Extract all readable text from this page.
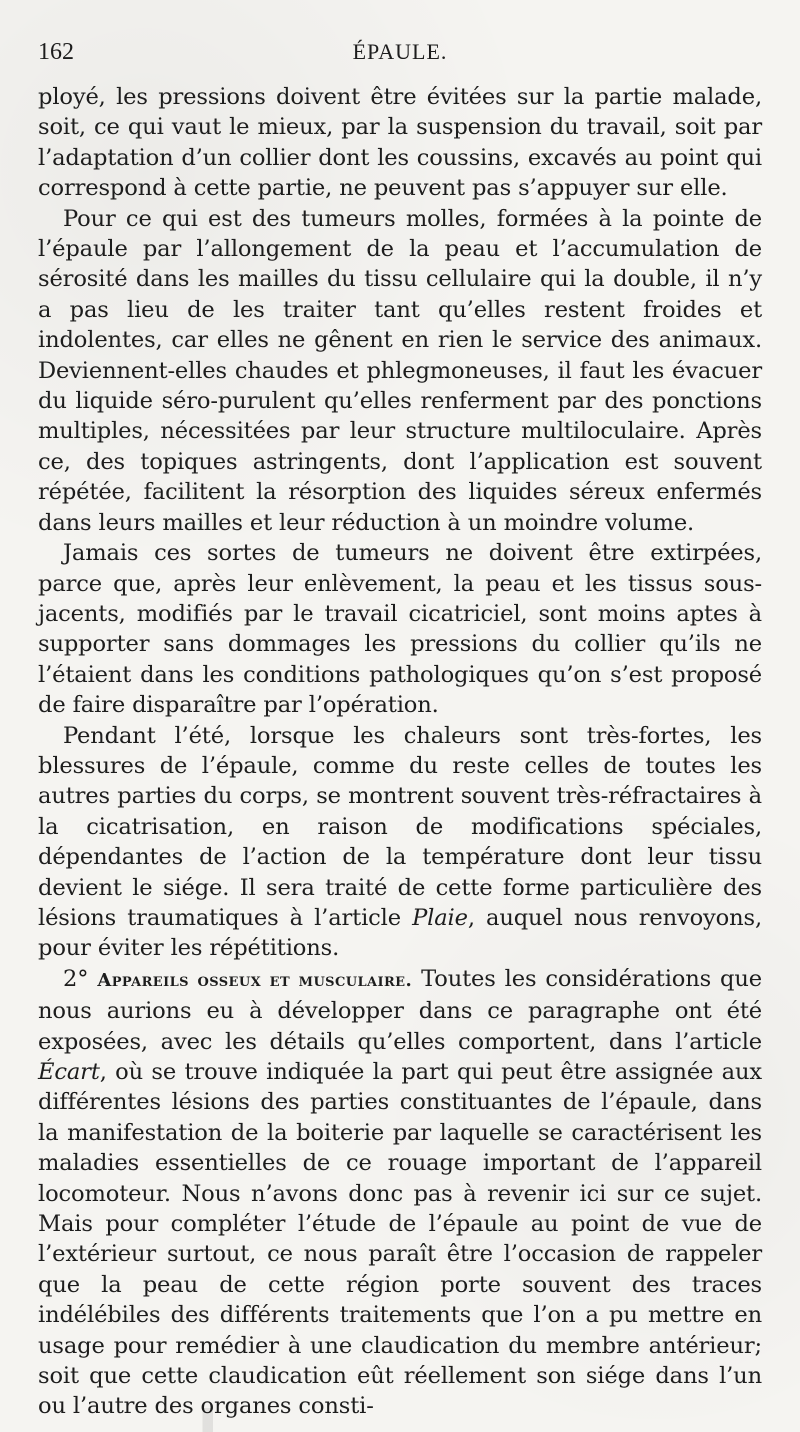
162	ÉPAULE.

ployé, les pressions doivent être évitées sur la partie malade, soit, ce qui vaut le mieux, par la suspension du travail, soit par l’adaptation d’un collier dont les coussins, excavés au point qui correspond à cette partie, ne peuvent pas s’appuyer sur elle.

Pour ce qui est des tumeurs molles, formées à la pointe de l’épaule par l’allongement de la peau et l’accumulation de sérosité dans les mailles du tissu cellulaire qui la double, il n’y a pas lieu de les traiter tant qu’elles restent froides et indolentes, car elles ne gênent en rien le service des animaux. Deviennent-elles chaudes et phlegmoneuses, il faut les évacuer du liquide séro-purulent qu’elles renferment par des ponctions multiples, nécessitées par leur structure multiloculaire. Après ce, des topiques astringents, dont l’application est souvent répétée, facilitent la résorption des liquides séreux enfermés dans leurs mailles et leur réduction à un moindre volume.

Jamais ces sortes de tumeurs ne doivent être extirpées, parce que, après leur enlèvement, la peau et les tissus sous-jacents, modifiés par le travail cicatriciel, sont moins aptes à supporter sans dommages les pressions du collier qu’ils ne l’étaient dans les conditions pathologiques qu’on s’est proposé de faire disparaître par l’opération.

Pendant l’été, lorsque les chaleurs sont très-fortes, les blessures de l’épaule, comme du reste celles de toutes les autres parties du corps, se montrent souvent très-réfractaires à la cicatrisation, en raison de modifications spéciales, dépendantes de l’action de la température dont leur tissu devient le siége. Il sera traité de cette forme particulière des lésions traumatiques à l’article Plaie, auquel nous renvoyons, pour éviter les répétitions.

2° Appareils osseux et musculaire. Toutes les considérations que nous aurions eu à développer dans ce paragraphe ont été exposées, avec les détails qu’elles comportent, dans l’article Écart, où se trouve indiquée la part qui peut être assignée aux différentes lésions des parties constituantes de l’épaule, dans la manifestation de la boiterie par laquelle se caractérisent les maladies essentielles de ce rouage important de l’appareil locomoteur. Nous n’avons donc pas à revenir ici sur ce sujet. Mais pour compléter l’étude de l’épaule au point de vue de l’extérieur surtout, ce nous paraît être l’occasion de rappeler que la peau de cette région porte souvent des traces indélébiles des différents traitements que l’on a pu mettre en usage pour remédier à une claudication du membre antérieur; soit que cette claudication eût réellement son siége dans l’un ou l’autre des organes consti-
